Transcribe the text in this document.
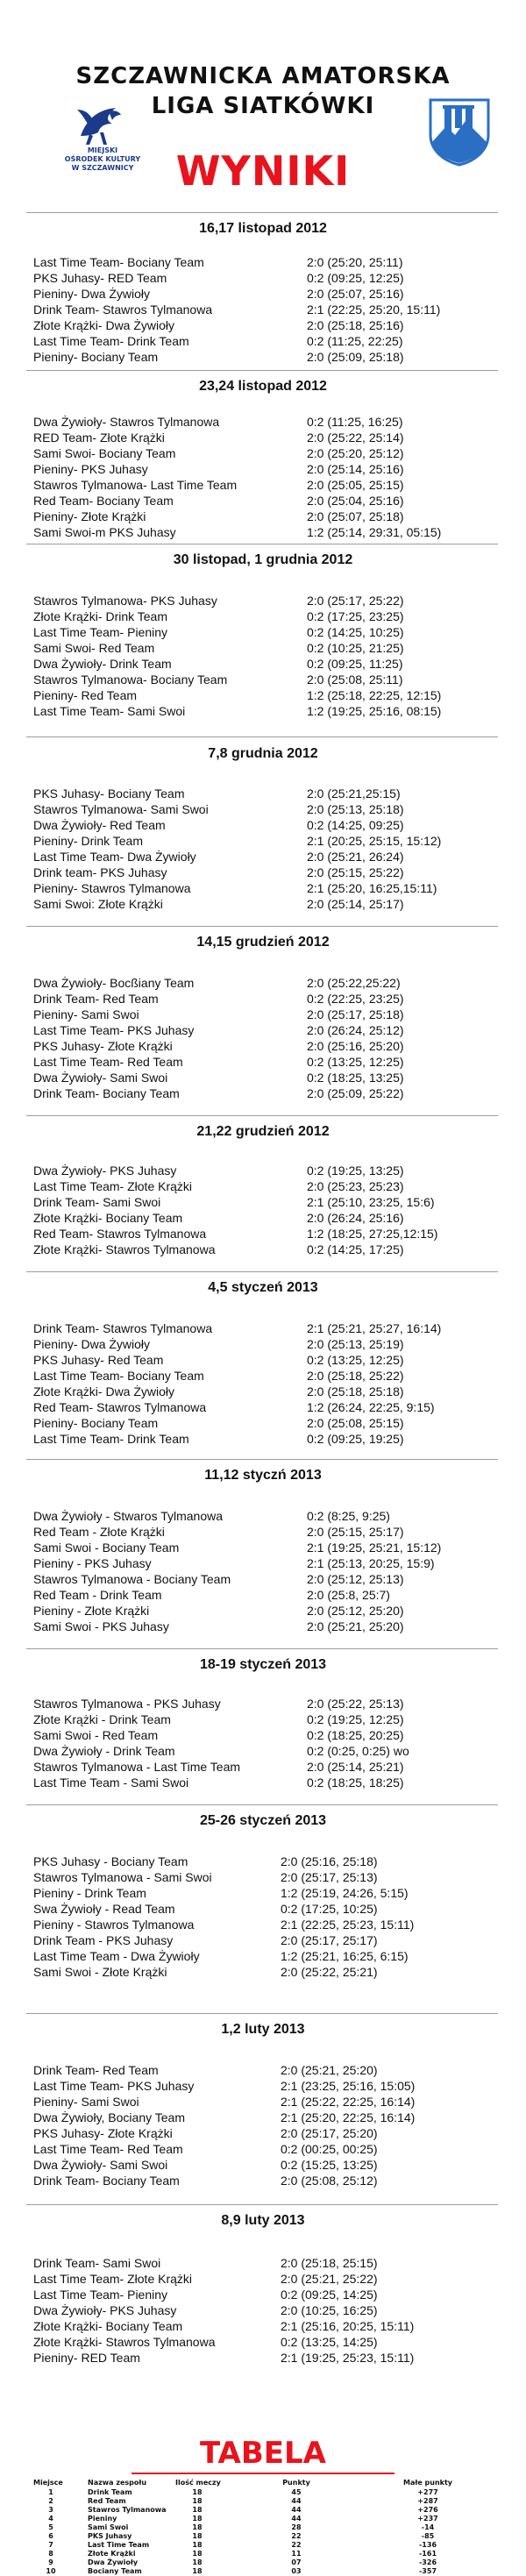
SZCZAWNICKA AMATORSKA
LIGA SIATKÓWKI
MIEJSKI
OŚRODEK KULTURY
W SZCZAWNICY	WYNIKI
16,17 listopad 2012
Last Time Team- Bociany Team	2:0 (25:20, 25:11)
PKS Juhasy- RED Team	0:2 (09:25, 12:25)
Pieniny- Dwa Żywioły	2:0 (25:07, 25:16)
Drink Team- Stawros Tylmanowa	2:1 (22:25, 25:20, 15:11)
Złote Krążki- Dwa Żywioły	2:0 (25:18, 25:16)
Last Time Team- Drink Team	0:2 (11:25, 22:25)
Pieniny- Bociany Team	2:0 (25:09, 25:18)
23,24 listopad 2012
Dwa Żywioły- Stawros Tylmanowa	0:2 (11:25, 16:25)
RED Team- Złote Krążki	2:0 (25:22, 25:14)
Sami Swoi- Bociany Team	2:0 (25:20, 25:12)
Pieniny- PKS Juhasy	2:0 (25:14, 25:16)
Stawros Tylmanowa- Last Time Team	2:0 (25:05, 25:15)
Red Team- Bociany Team	2:0 (25:04, 25:16)
Pieniny- Złote Krążki	2:0 (25:07, 25:18)
Sami Swoi-m PKS Juhasy	1:2 (25:14, 29:31, 05:15)
30 listopad, 1 grudnia 2012
Stawros Tylmanowa- PKS Juhasy	2:0 (25:17, 25:22)
Złote Krążki- Drink Team	0:2 (17:25, 23:25)
Last Time Team- Pieniny	0:2 (14:25, 10:25)
Sami Swoi- Red Team	0:2 (10:25, 21:25)
Dwa Żywioły- Drink Team	0:2 (09:25, 11:25)
Stawros Tylmanowa- Bociany Team	2:0 (25:08, 25:11)
Pieniny- Red Team	1:2 (25:18, 22:25, 12:15)
Last Time Team- Sami Swoi	1:2 (19:25, 25:16, 08:15)
7,8 grudnia 2012
PKS Juhasy- Bociany Team	2:0 (25:21,25:15)
Stawros Tylmanowa- Sami Swoi	2:0 (25:13, 25:18)
Dwa Żywioły- Red Team	0:2 (14:25, 09:25)
Pieniny- Drink Team	2:1 (20:25, 25:15, 15:12)
Last Time Team- Dwa Żywioły	2:0 (25:21, 26:24)
Drink team- PKS Juhasy	2:0 (25:15, 25:22)
Pieniny- Stawros Tylmanowa	2:1 (25:20, 16:25,15:11)
Sami Swoi: Złote Krążki	2:0 (25:14, 25:17)
14,15 grudzień 2012
Dwa Żywioły- Bocßiany Team	2:0 (25:22,25:22)
Drink Team- Red Team	0:2 (22:25, 23:25)
Pieniny- Sami Swoi	2:0 (25:17, 25:18)
Last Time Team- PKS Juhasy	2:0 (26:24, 25:12)
PKS Juhasy- Złote Krążki	2:0 (25:16, 25:20)
Last Time Team- Red Team	0:2 (13:25, 12:25)
Dwa Żywioły- Sami Swoi	0:2 (18:25, 13:25)
Drink Team- Bociany Team	2:0 (25:09, 25:22)
21,22 grudzień 2012
Dwa Żywioły- PKS Juhasy	0:2 (19:25, 13:25)
Last Time Team- Złote Krążki	2:0 (25:23, 25:23)
Drink Team- Sami Swoi	2:1 (25:10, 23:25, 15:6)
Złote Krążki- Bociany Team	2:0 (26:24, 25:16)
Red Team- Stawros Tylmanowa	1:2 (18:25, 27:25,12:15)
Złote Krążki- Stawros Tylmanowa	0:2 (14:25, 17:25)
4,5 styczeń 2013
Drink Team- Stawros Tylmanowa	2:1 (25:21, 25:27, 16:14)
Pieniny- Dwa Żywioły	2:0 (25:13, 25:19)
PKS Juhasy- Red Team	0:2 (13:25, 12:25)
Last Time Team- Bociany Team	2:0 (25:18, 25:22)
Złote Krążki- Dwa Żywioły	2:0 (25:18, 25:18)
Red Team- Stawros Tylmanowa	1:2 (26:24, 22:25, 9:15)
Pieniny- Bociany Team	2:0 (25:08, 25:15)
Last Time Team- Drink Team	0:2 (09:25, 19:25)
11,12 styczń 2013
Dwa Żywioły - Stwaros Tylmanowa	0:2 (8:25, 9:25)
Red Team - Złote Krążki	2:0 (25:15, 25:17)
Sami Swoi - Bociany Team	2:1 (19:25, 25:21, 15:12)
Pieniny - PKS Juhasy	2:1 (25:13, 20:25, 15:9)
Stawros Tylmanowa - Bociany Team	2:0 (25:12, 25:13)
Red Team - Drink Team	2:0 (25:8, 25:7)
Pieniny - Złote Krążki	2:0 (25:12, 25:20)
Sami Swoi - PKS Juhasy	2:0 (25:21, 25:20)
18-19 styczeń 2013
Stawros Tylmanowa - PKS Juhasy	2:0 (25:22, 25:13)
Złote Krążki - Drink Team	0:2 (19:25, 12:25)
Sami Swoi - Red Team	0:2 (18:25, 20:25)
Dwa Żywioły - Drink Team	0:2 (0:25, 0:25) wo
Stawros Tylmanowa - Last Time Team	2:0 (25:14, 25:21)
Last Time Team - Sami Swoi	0:2 (18:25, 18:25)
25-26 styczeń 2013
PKS Juhasy - Bociany Team	2:0 (25:16, 25:18)
Stawros Tylmanowa - Sami Swoi	2:0 (25:17, 25:13)
Pieniny - Drink Team	1:2 (25:19, 24:26, 5:15)
Swa Żywioły - Read Team	0:2 (17:25, 10:25)
Pieniny - Stawros Tylmanowa	2:1 (22:25, 25:23, 15:11)
Drink Team - PKS Juhasy	2:0 (25:17, 25:17)
Last Time Team - Dwa Żywioły	1:2 (25:21, 16:25, 6:15)
Sami Swoi - Złote Krążki	2:0 (25:22, 25:21)
1,2 luty 2013
Drink Team- Red Team	2:0 (25:21, 25:20)
Last Time Team- PKS Juhasy	2:1 (23:25, 25:16, 15:05)
Pieniny- Sami Swoi	2:1 (25:22, 22:25, 16:14)
Dwa Żywioły, Bociany Team	2:1 (25:20, 22:25, 16:14)
PKS Juhasy- Złote Krążki	2:0 (25:17, 25:20)
Last Time Team- Red Team	0:2 (00:25, 00:25)
Dwa Żywioły- Sami Swoi	0:2 (15:25, 13:25)
Drink Team- Bociany Team	2:0 (25:08, 25:12)
8,9 luty 2013
Drink Team- Sami Swoi	2:0 (25:18, 25:15)
Last Time Team- Złote Krążki	2:0 (25:21, 25:22)
Last Time Team- Pieniny	0:2 (09:25, 14:25)
Dwa Żywioły- PKS Juhasy	2:0 (10:25, 16:25)
Złote Krążki- Bociany Team	2:1 (25:16, 20:25, 15:11)
Złote Krążki- Stawros Tylmanowa	0:2 (13:25, 14:25)
Pieniny- RED Team	2:1 (19:25, 25:23, 15:11)
TABELA
Miejsce	Nazwa zespołu	Ilość meczy	Punkty	Małe punkty
1	Drink Team	18	45	+277
2	Red Team	18	44	+287
3	Stawros Tylmanowa	18	44	+276
4	Pieniny	18	44	+237
5	Sami Swoi	18	28	-14
6	PKS Juhasy	18	22	-85
7	Last Time Team	18	22	-136
8	Złote Krążki	18	11	-161
9	Dwa Żywioły	18	07	-326
10	Bociany Team	18	03	-357
